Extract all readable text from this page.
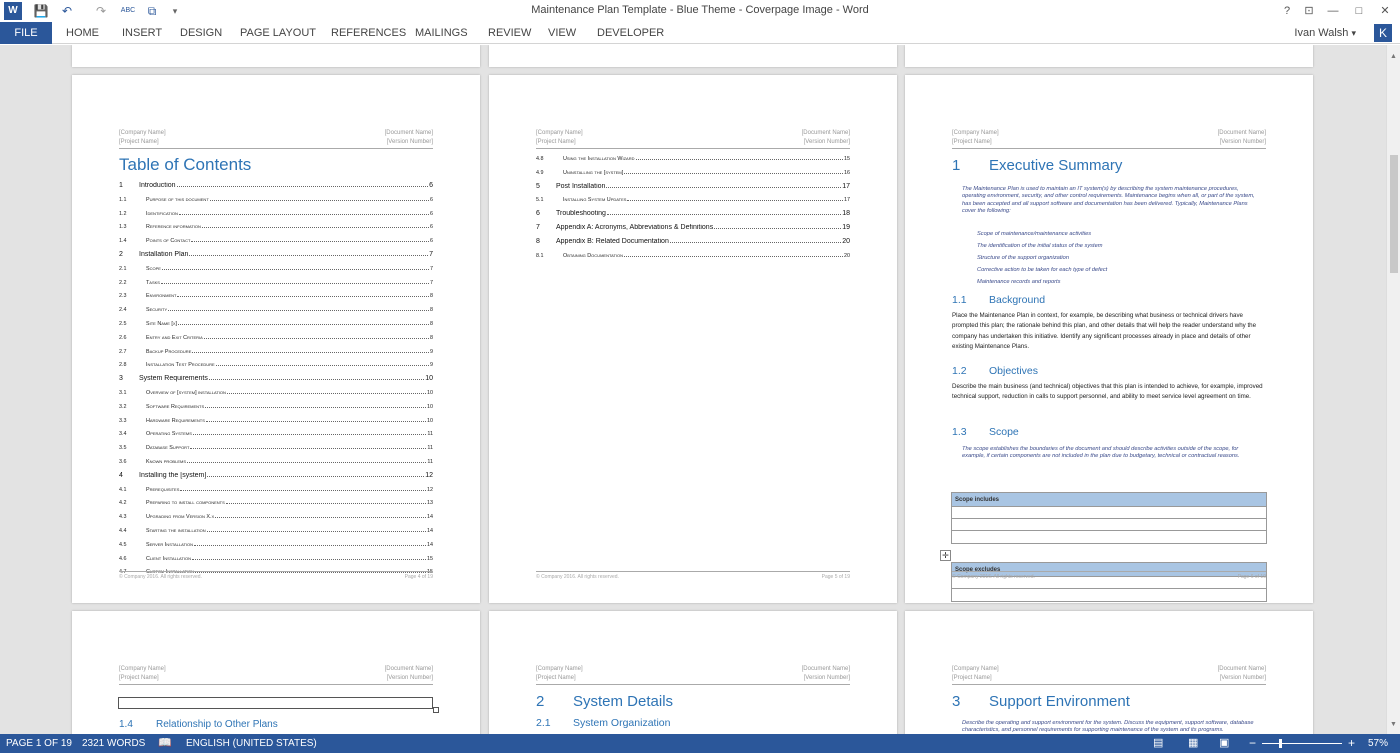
W	💾	↶	↷	ABC	⧉	▾	Maintenance Plan Template - Blue Theme - Coverpage Image - Word	?	⊡	—	□	✕
FILE	HOME INSERT DESIGN PAGE LAYOUT REFERENCES MAILINGS REVIEW VIEW DEVELOPER	Ivan Walsh ▾	K
[Company Name]
[Project Name]
[Document Name]
[Version Number]
Table of Contents
1	Introduction	6
1.1	Purpose of this document	6
1.2	Identification	6
1.3	Reference information	6
1.4	Points of Contact	6
2	Installation Plan	7
2.1	Scope	7
2.2	Tasks	7
2.3	Environment	8
2.4	Security	8
2.5	Site Name [x]	8
2.6	Entry and Exit Criteria	8
2.7	Backup Procedure	9
2.8	Installation Test Procedure	9
3	System Requirements	10
3.1	Overview of [system] installation	10
3.2	Software Requirements	10
3.3	Hardware Requirements	10
3.4	Operating Systems	11
3.5	Database Support	11
3.6	Known problems	11
4	Installing the [system]	12
4.1	Prerequisites	12
4.2	Preparing to install components	13
4.3	Upgrading from Version X.x	14
4.4	Starting the installation	14
4.5	Server Installation	14
4.6	Client Installation	15
4.7	Custom Installation	15
© Company 2016. All rights reserved.	Page 4 of 19
[Company Name]
[Project Name]
[Document Name]
[Version Number]
4.8	Using the Installation Wizard	15
4.9	Uninstalling the [system]	16
5	Post Installation	17
5.1	Installing System Updates	17
6	Troubleshooting	18
7	Appendix A: Acronyms, Abbreviations & Definitions	19
8	Appendix B: Related Documentation	20
8.1	Obtaining Documentation	20
© Company 2016. All rights reserved.	Page 5 of 19
[Company Name]
[Project Name]
[Document Name]
[Version Number]
1 Executive Summary
The Maintenance Plan is used to maintain an IT system(s) by describing the system maintenance procedures, operating environment, security, and other control requirements. Maintenance begins when all, or part of the system, has been accepted and all support software and documentation has been delivered. Typically, Maintenance Plans cover the following:
Scope of maintenance/maintenance activities
The identification of the initial status of the system
Structure of the support organization
Corrective action to be taken for each type of defect
Maintenance records and reports
1.1 Background
Place the Maintenance Plan in context, for example, be describing what business or technical drivers have prompted this plan; the rationale behind this plan, and other details that will help the reader understand why the company has undertaken this initiative. Identify any significant processes already in place and details of other existing Maintenance Plans.
1.2 Objectives
Describe the main business (and technical) objectives that this plan is intended to achieve, for example, improved technical support, reduction in calls to support personnel, and ability to meet service level agreement on time.
1.3 Scope
The scope establishes the boundaries of the document and should describe activities outside of the scope, for example, if certain components are not included in the plan due to budgetary, technical or contractual reasons.
Scope includes
✛
Scope excludes
© Company 2016. All rights reserved.	Page 6 of 19
[Company Name]
[Project Name]
[Document Name]
[Version Number]
1.4 Relationship to Other Plans
[Company Name]
[Project Name]
[Document Name]
[Version Number]
2 System Details
2.1 System Organization
[Company Name]
[Project Name]
[Document Name]
[Version Number]
3 Support Environment
Describe the operating and support environment for the system. Discuss the equipment, support software, database characteristics, and personnel requirements for supporting maintenance of the system and its programs.
▲
▼
PAGE 1 OF 19 2321 WORDS 📖 ENGLISH (UNITED STATES)	▤ ▦ ▣ −	+ 57%
